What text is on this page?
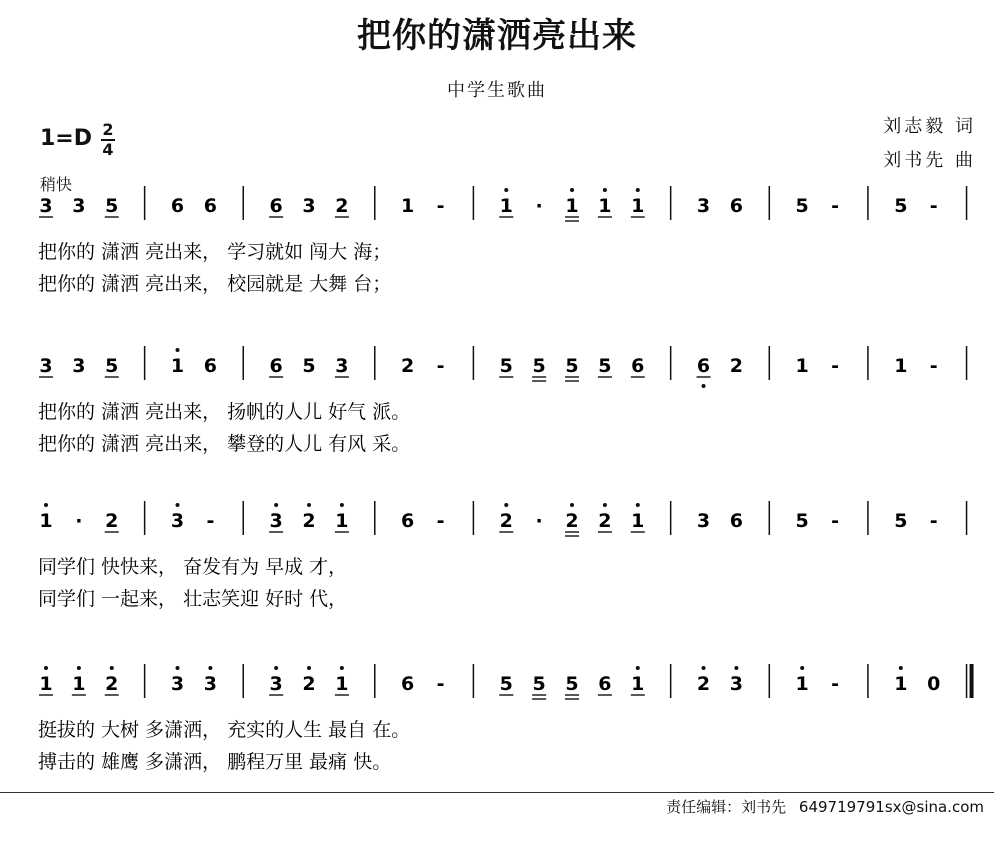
把你的潇洒亮出来
中学生歌曲
刘志毅 词
刘书先 曲
1=D 2
4
稍快
3 3 5	6 6	6 3 2	1 -	1 · 1 1 1	3 6	5 -	5 -
把你的 潇洒 亮出来， 学习就如 闯大 海；
把你的 潇洒 亮出来， 校园就是 大舞 台；
3 3 5	1 6	6 5 3	2 -	5 5 5 5 6	6 2	1 -	1 -
把你的 潇洒 亮出来， 扬帆的人儿 好气 派。
把你的 潇洒 亮出来， 攀登的人儿 有风 采。
1 · 2	3 -	3 2 1	6 -	2 · 2 2 1	3 6	5 -	5 -
同学们 快快来， 奋发有为 早成 才，
同学们 一起来， 壮志笑迎 好时 代，
1 1 2	3 3	3 2 1	6 -	5 5 5 6 1	2 3	1 -	1 0
挺拔的 大树 多潇洒， 充实的人生 最自 在。
搏击的 雄鹰 多潇洒， 鹏程万里 最痛 快。
责任编辑：刘书先 649719791sx@sina.com
